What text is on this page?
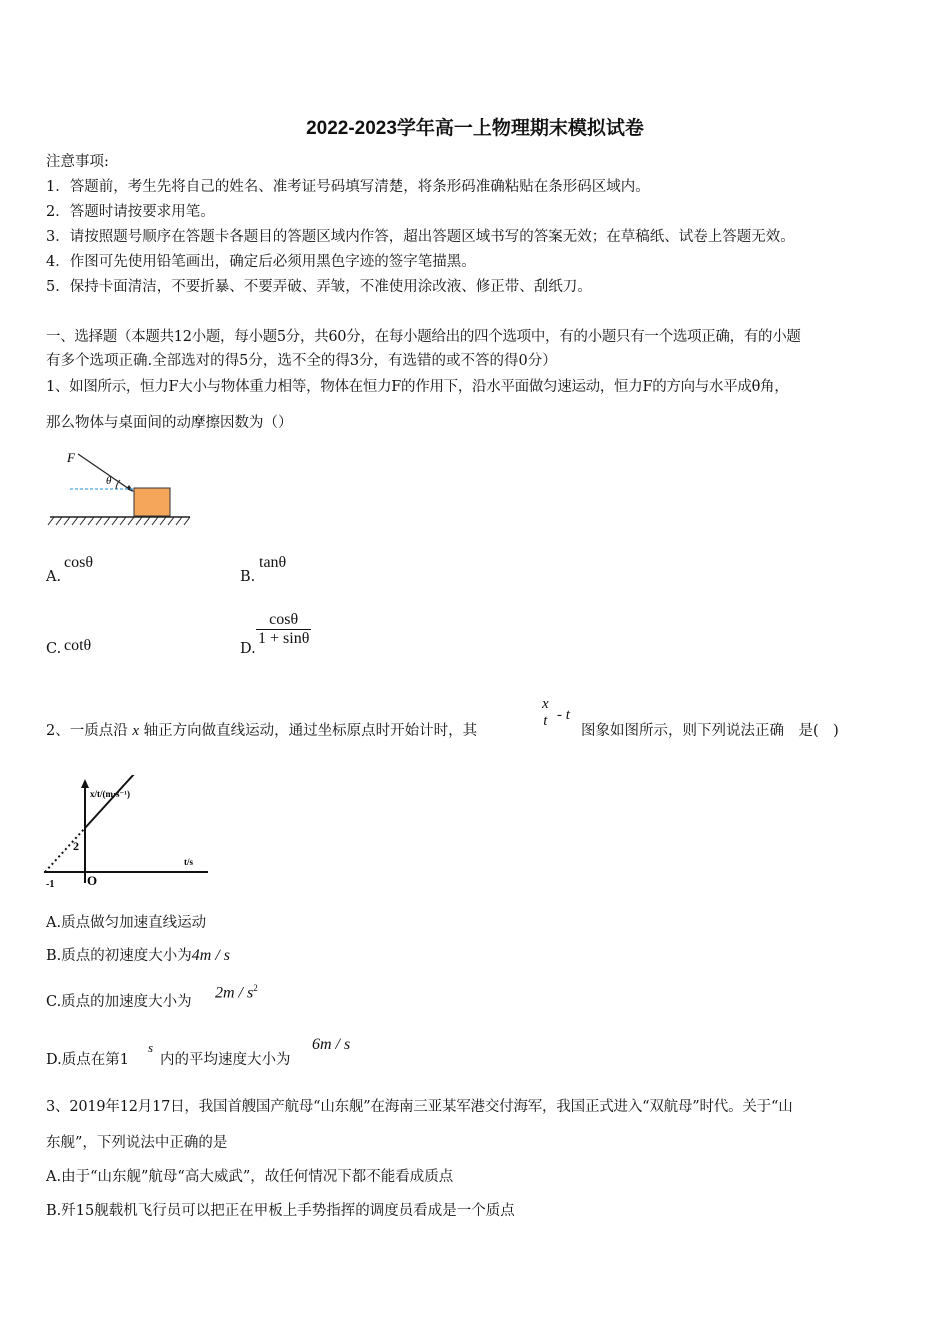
2022-2023学年高一上物理期末模拟试卷
注意事项:
1．答题前，考生先将自己的姓名、准考证号码填写清楚，将条形码准确粘贴在条形码区域内。
2．答题时请按要求用笔。
3．请按照题号顺序在答题卡各题目的答题区域内作答，超出答题区域书写的答案无效；在草稿纸、试卷上答题无效。
4．作图可先使用铅笔画出，确定后必须用黑色字迹的签字笔描黑。
5．保持卡面清洁，不要折暴、不要弄破、弄皱，不准使用涂改液、修正带、刮纸刀。
一、选择题（本题共12小题，每小题5分，共60分，在每小题给出的四个选项中，有的小题只有一个选项正确，有的小题
有多个选项正确.全部选对的得5分，选不全的得3分，有选错的或不答的得0分）
1、如图所示，恒力F大小与物体重力相等，物体在恒力F的作用下，沿水平面做匀速运动，恒力F的方向与水平成θ角，
那么物体与桌面间的动摩擦因数为（）
F
θ
A.
cosθ
B.
tanθ
C. cotθ	D.
$\frac{\cos\theta}{1 + \sin\theta}$
2、一质点沿 x 轴正方向做直线运动，通过坐标原点时开始计时，其
x
t - t
图象如图所示，则下列说法正确　是(　)
x/t/(m·s⁻¹)
t/s
2
-1	O
A.质点做匀加速直线运动
B.质点的初速度大小为4m / s
C.质点的加速度大小为
$2m / s^2$
D.质点在第1
s
内的平均速度大小为
6m / s
3、2019年12月17日，我国首艘国产航母“山东舰”在海南三亚某军港交付海军，我国正式进入“双航母”时代。关于“山
东舰”，下列说法中正确的是
A.由于“山东舰”航母“高大威武”，故任何情况下都不能看成质点
B.歼15舰载机飞行员可以把正在甲板上手势指挥的调度员看成是一个质点
